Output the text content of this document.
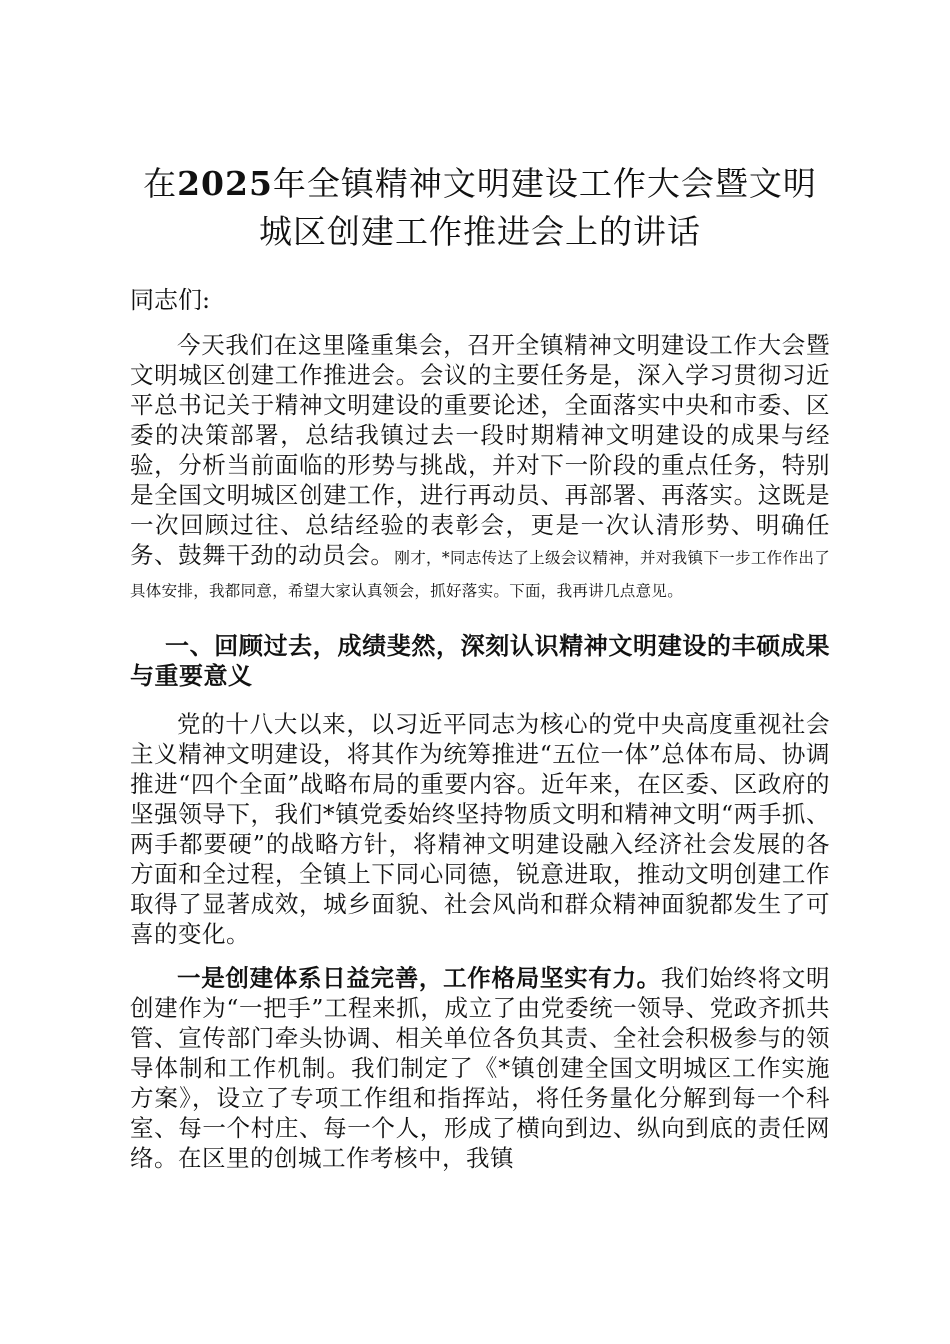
在2025年全镇精神文明建设工作大会暨文明
城区创建工作推进会上的讲话

同志们:

今天我们在这里隆重集会，召开全镇精神文明建设工作大会暨文明城区创建工作推进会。会议的主要任务是，深入学习贯彻习近平总书记关于精神文明建设的重要论述，全面落实中央和市委、区委的决策部署，总结我镇过去一段时期精神文明建设的成果与经验，分析当前面临的形势与挑战，并对下一阶段的重点任务，特别是全国文明城区创建工作，进行再动员、再部署、再落实。这既是一次回顾过往、总结经验的表彰会，更是一次认清形势、明确任务、鼓舞干劲的动员会。刚才，*同志传达了上级会议精神，并对我镇下一步工作作出了具体安排，我都同意，希望大家认真领会，抓好落实。下面，我再讲几点意见。

一、回顾过去，成绩斐然，深刻认识精神文明建设的丰硕成果与重要意义

党的十八大以来，以习近平同志为核心的党中央高度重视社会主义精神文明建设，将其作为统筹推进“五位一体”总体布局、协调推进“四个全面”战略布局的重要内容。近年来，在区委、区政府的坚强领导下，我们*镇党委始终坚持物质文明和精神文明“两手抓、两手都要硬”的战略方针，将精神文明建设融入经济社会发展的各方面和全过程，全镇上下同心同德，锐意进取，推动文明创建工作取得了显著成效，城乡面貌、社会风尚和群众精神面貌都发生了可喜的变化。

一是创建体系日益完善，工作格局坚实有力。我们始终将文明创建作为“一把手”工程来抓，成立了由党委统一领导、党政齐抓共管、宣传部门牵头协调、相关单位各负其责、全社会积极参与的领导体制和工作机制。我们制定了《*镇创建全国文明城区工作实施方案》，设立了专项工作组和指挥站，将任务量化分解到每一个科室、每一个村庄、每一个人，形成了横向到边、纵向到底的责任网络。在区里的创城工作考核中，我镇
